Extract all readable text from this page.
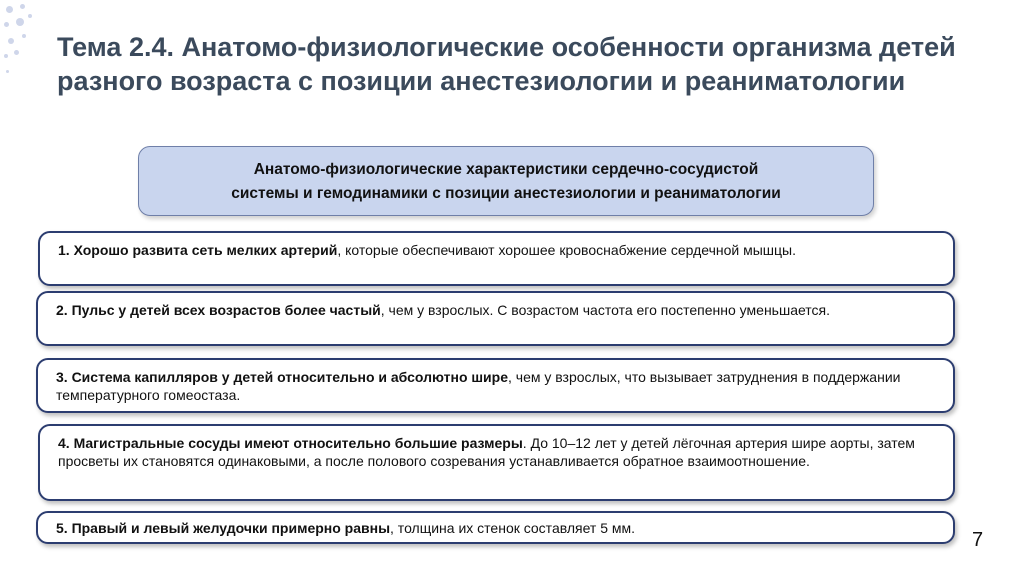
Тема 2.4. Анатомо-физиологические особенности организма детей разного возраста с позиции анестезиологии и реаниматологии
Анатомо-физиологические характеристики сердечно-сосудистой
системы и гемодинамики с позиции анестезиологии и реаниматологии
1. Хорошо развита сеть мелких артерий, которые обеспечивают хорошее кровоснабжение сердечной мышцы.
2. Пульс у детей всех возрастов более частый, чем у взрослых. С возрастом частота его постепенно уменьшается.
3. Система капилляров у детей относительно и абсолютно шире, чем у взрослых, что вызывает затруднения в поддержании температурного гомеостаза.
4. Магистральные сосуды имеют относительно большие размеры. До 10–12 лет у детей лёгочная артерия шире аорты, затем просветы их становятся одинаковыми, а после полового созревания устанавливается обратное взаимоотношение.
5. Правый и левый желудочки примерно равны, толщина их стенок составляет 5 мм.
7
